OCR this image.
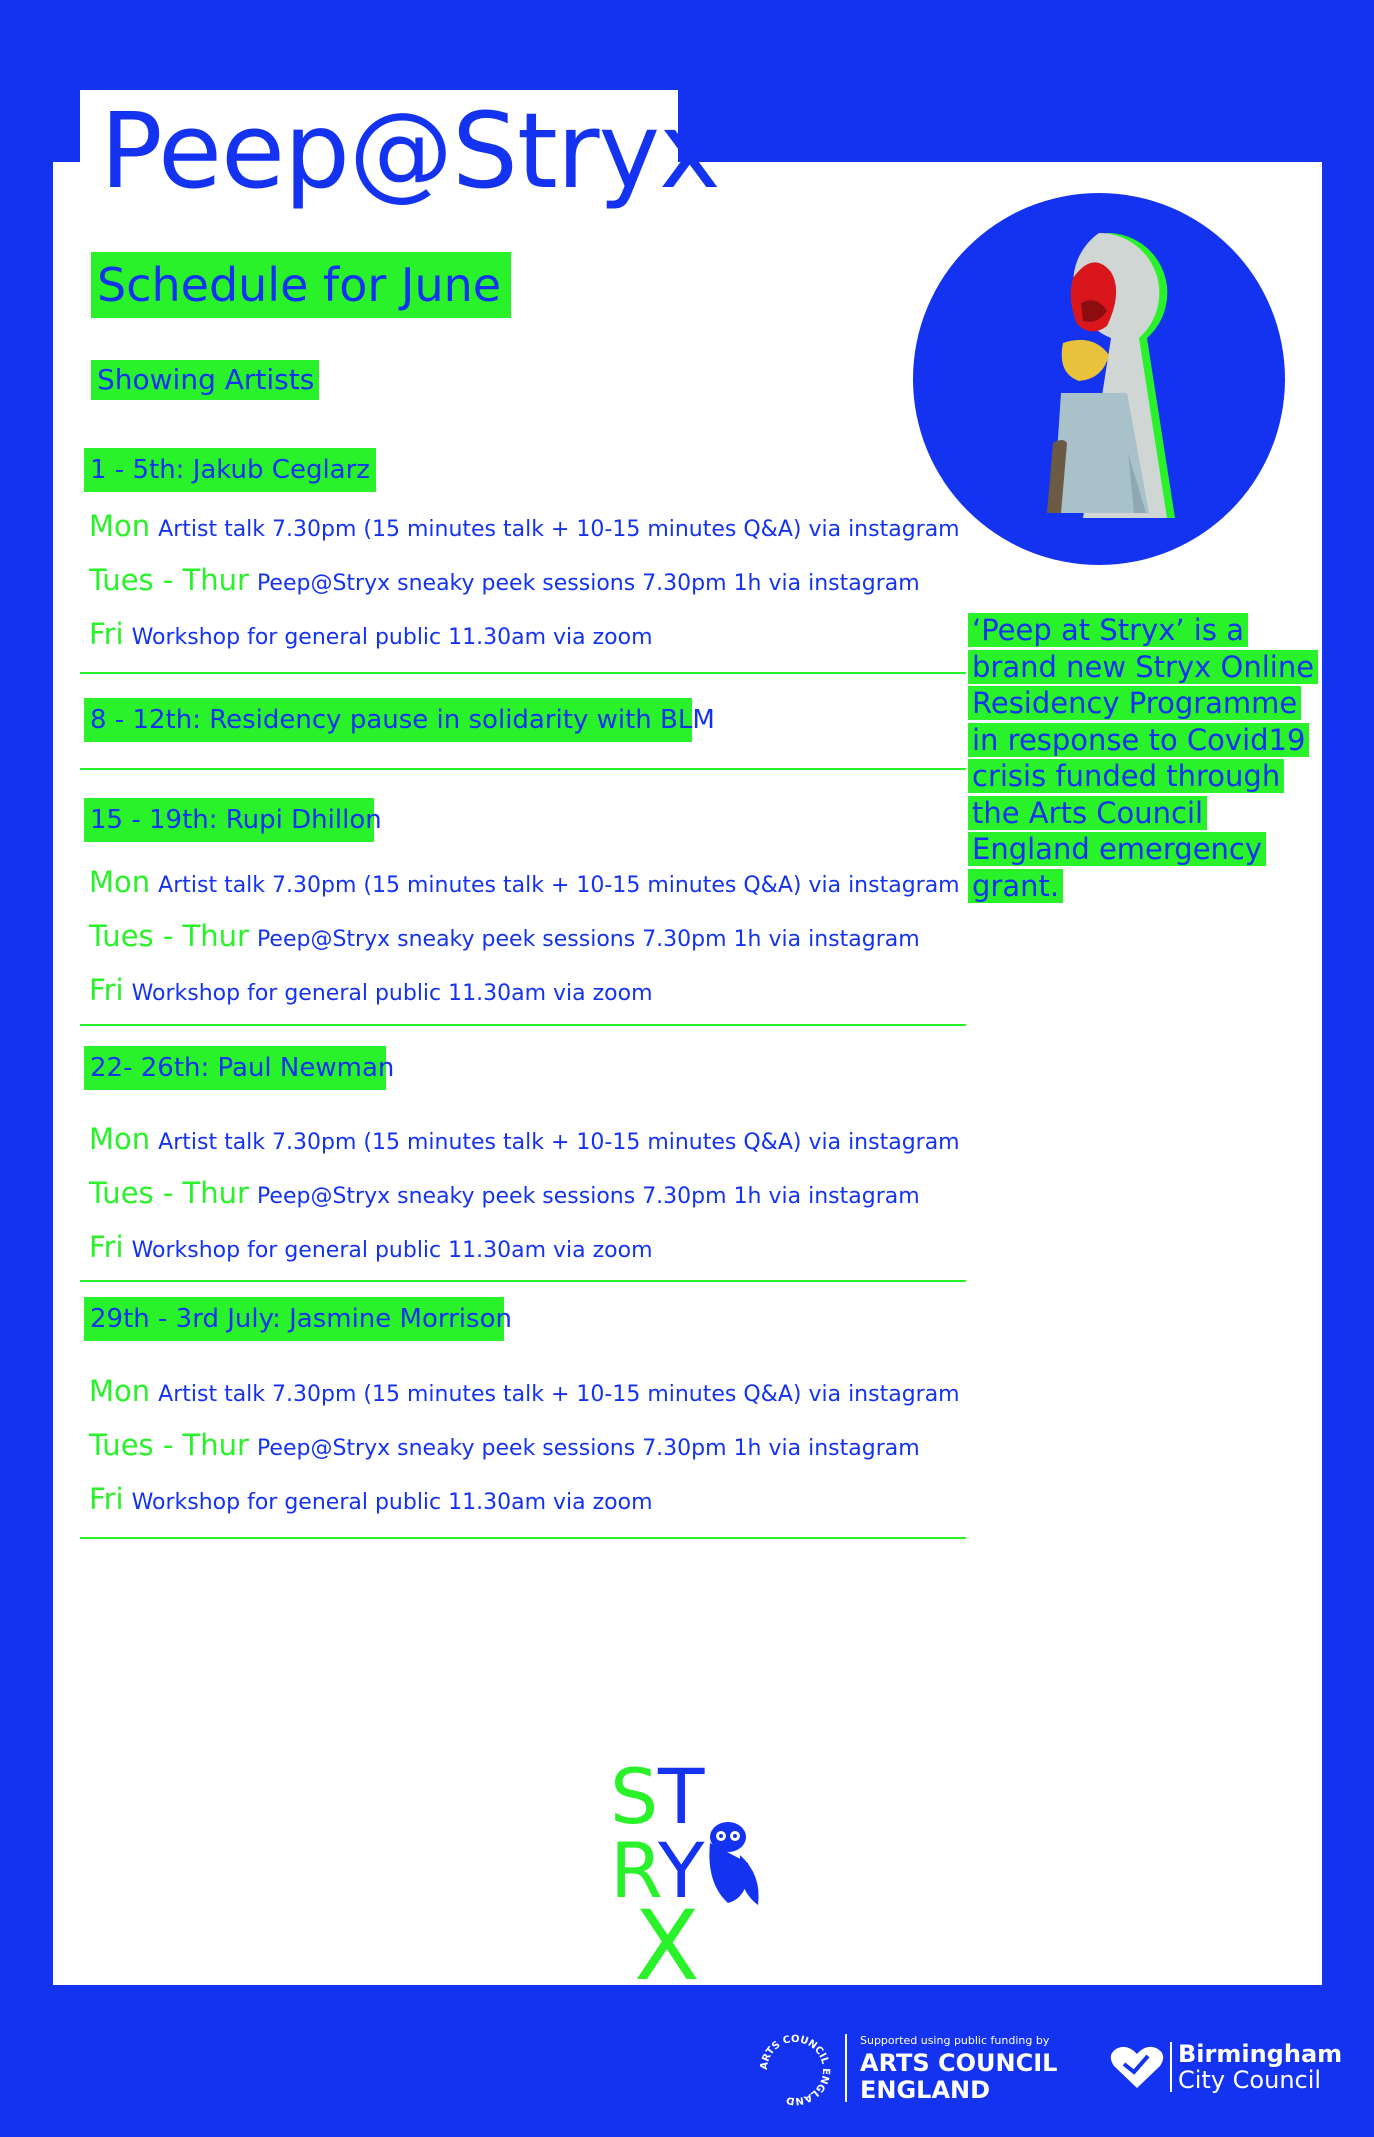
Peep@Stryx
Schedule for June
Showing Artists
1 - 5th: Jakub Ceglarz
Mon Artist talk 7.30pm (15 minutes talk + 10-15 minutes Q&A) via instagram
Tues - Thur Peep@Stryx sneaky peek sessions 7.30pm 1h via instagram
Fri Workshop for general public 11.30am via zoom
8 - 12th: Residency pause in solidarity with BLM
15 - 19th: Rupi Dhillon
Mon Artist talk 7.30pm (15 minutes talk + 10-15 minutes Q&A) via instagram
Tues - Thur Peep@Stryx sneaky peek sessions 7.30pm 1h via instagram
Fri Workshop for general public 11.30am via zoom
22- 26th: Paul Newman
Mon Artist talk 7.30pm (15 minutes talk + 10-15 minutes Q&A) via instagram
Tues - Thur Peep@Stryx sneaky peek sessions 7.30pm 1h via instagram
Fri Workshop for general public 11.30am via zoom
29th - 3rd July: Jasmine Morrison
Mon Artist talk 7.30pm (15 minutes talk + 10-15 minutes Q&A) via instagram
Tues - Thur Peep@Stryx sneaky peek sessions 7.30pm 1h via instagram
Fri Workshop for general public 11.30am via zoom
‘Peep at Stryx’ is a brand new Stryx Online Residency Programme in response to Covid19 crisis funded through the Arts Council England emergency grant.
S T
R
Y
X
ARTS COUNCIL ENGLAND
Supported using public funding by
ARTS COUNCIL
ENGLAND
Birmingham
City Council
